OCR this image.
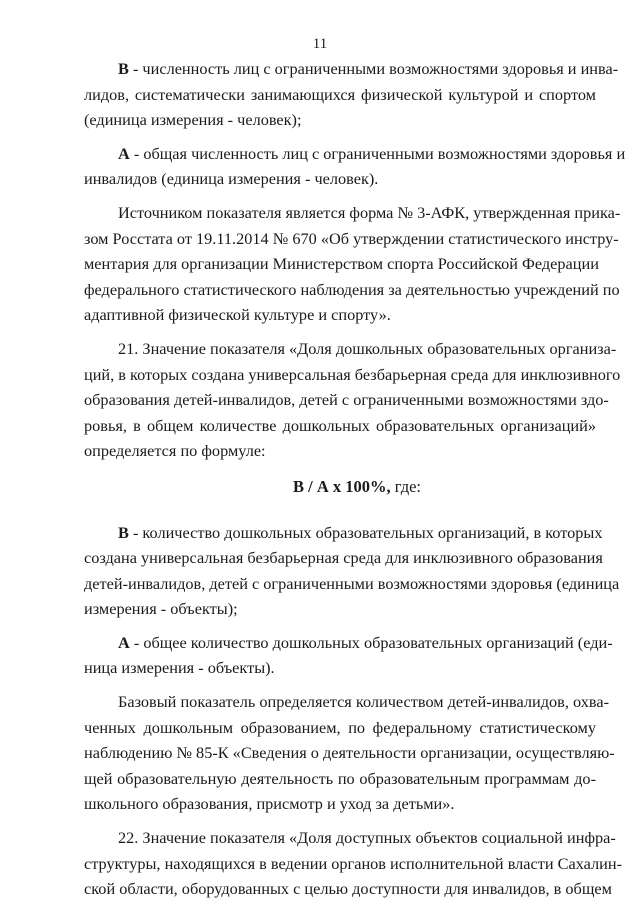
11
В - численность лиц с ограниченными возможностями здоровья и инва-
лидов, систематически занимающихся физической культурой и спортом
(единица измерения - человек);
А - общая численность лиц с ограниченными возможностями здоровья и
инвалидов (единица измерения - человек).
Источником показателя является форма № 3-АФК, утвержденная прика-
зом Росстата от 19.11.2014 № 670 «Об утверждении статистического инстру-
ментария для организации Министерством спорта Российской Федерации
федерального статистического наблюдения за деятельностью учреждений по
адаптивной физической культуре и спорту».
21. Значение показателя «Доля дошкольных образовательных организа-
ций, в которых создана универсальная безбарьерная среда для инклюзивного
образования детей-инвалидов, детей с ограниченными возможностями здо-
ровья, в общем количестве дошкольных образовательных организаций»
определяется по формуле:
В / А х 100%, где:
В - количество дошкольных образовательных организаций, в которых
создана универсальная безбарьерная среда для инклюзивного образования
детей-инвалидов, детей с ограниченными возможностями здоровья (единица
измерения - объекты);
А - общее количество дошкольных образовательных организаций (еди-
ница измерения - объекты).
Базовый показатель определяется количеством детей-инвалидов, охва-
ченных дошкольным образованием, по федеральному статистическому
наблюдению № 85-К «Сведения о деятельности организации, осуществляю-
щей образовательную деятельность по образовательным программам до-
школьного образования, присмотр и уход за детьми».
22. Значение показателя «Доля доступных объектов социальной инфра-
структуры, находящихся в ведении органов исполнительной власти Сахалин-
ской области, оборудованных с целью доступности для инвалидов, в общем
